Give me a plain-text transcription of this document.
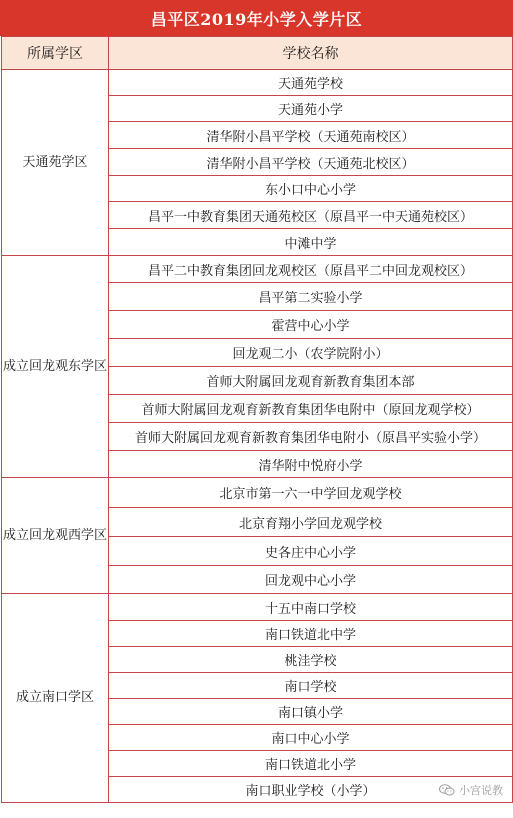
昌平区2019年小学入学片区
所属学区	学校名称
天通苑学区	天通苑学校
	天通苑小学
	清华附小昌平学校（天通苑南校区）
	清华附小昌平学校（天通苑北校区）
	东小口中心小学
	昌平一中教育集团天通苑校区（原昌平一中天通苑校区）
	中滩中学
成立回龙观东学区	昌平二中教育集团回龙观校区（原昌平二中回龙观校区）
	昌平第二实验小学
	霍营中心小学
	回龙观二小（农学院附小）
	首师大附属回龙观育新教育集团本部
	首师大附属回龙观育新教育集团华电附中（原回龙观学校）
	首师大附属回龙观育新教育集团华电附小（原昌平实验小学）
	清华附中悦府小学
成立回龙观西学区	北京市第一六一中学回龙观学校
	北京育翔小学回龙观学校
	史各庄中心小学
	回龙观中心小学
成立南口学区	十五中南口学校
	南口铁道北中学
	桃洼学校
	南口学校
	南口镇小学
	南口中心小学
	南口铁道北小学
	南口职业学校（小学）	小宫说教
